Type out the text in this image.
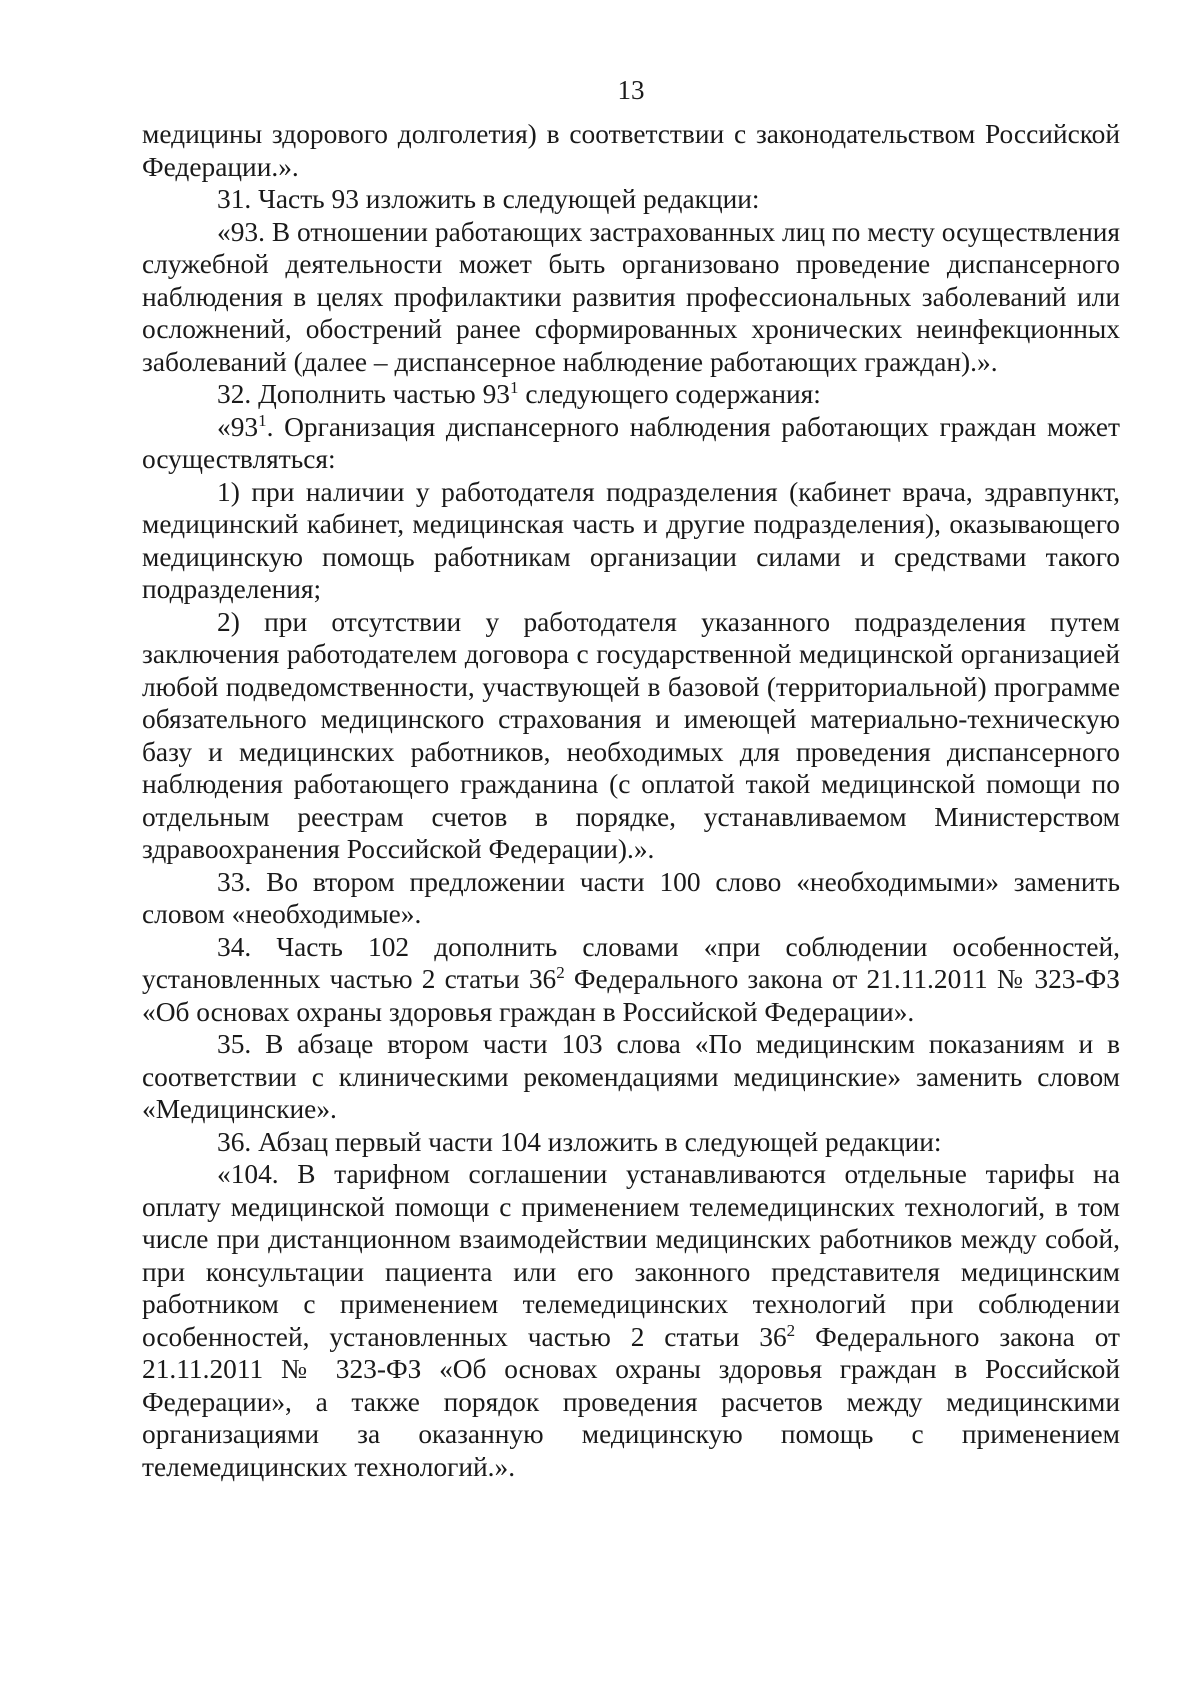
13

медицины здорового долголетия) в соответствии с законодательством Российской Федерации.».

31. Часть 93 изложить в следующей редакции:

«93. В отношении работающих застрахованных лиц по месту осуществления служебной деятельности может быть организовано проведение диспансерного наблюдения в целях профилактики развития профессиональных заболеваний или осложнений, обострений ранее сформированных хронических неинфекционных заболеваний (далее – диспансерное наблюдение работающих граждан).».

32. Дополнить частью $93^1$ следующего содержания:

«$93^1$. Организация диспансерного наблюдения работающих граждан может осуществляться:

1) при наличии у работодателя подразделения (кабинет врача, здравпункт, медицинский кабинет, медицинская часть и другие подразделения), оказывающего медицинскую помощь работникам организации силами и средствами такого подразделения;

2) при отсутствии у работодателя указанного подразделения путем заключения работодателем договора с государственной медицинской организацией любой подведомственности, участвующей в базовой (территориальной) программе обязательного медицинского страхования и имеющей материально-техническую базу и медицинских работников, необходимых для проведения диспансерного наблюдения работающего гражданина (с оплатой такой медицинской помощи по отдельным реестрам счетов в порядке, устанавливаемом Министерством здравоохранения Российской Федерации).».

33. Во втором предложении части 100 слово «необходимыми» заменить словом «необходимые».

34. Часть 102 дополнить словами «при соблюдении особенностей, установленных частью 2 статьи $36^2$ Федерального закона от 21.11.2011 № 323-ФЗ «Об основах охраны здоровья граждан в Российской Федерации».

35. В абзаце втором части 103 слова «По медицинским показаниям и в соответствии с клиническими рекомендациями медицинские» заменить словом «Медицинские».

36. Абзац первый части 104 изложить в следующей редакции:

«104. В тарифном соглашении устанавливаются отдельные тарифы на оплату медицинской помощи с применением телемедицинских технологий, в том числе при дистанционном взаимодействии медицинских работников между собой, при консультации пациента или его законного представителя медицинским работником с применением телемедицинских технологий при соблюдении особенностей, установленных частью 2 статьи $36^2$ Федерального закона от 21.11.2011 № 323-ФЗ «Об основах охраны здоровья граждан в Российской Федерации», а также порядок проведения расчетов между медицинскими организациями за оказанную медицинскую помощь с применением телемедицинских технологий.».
